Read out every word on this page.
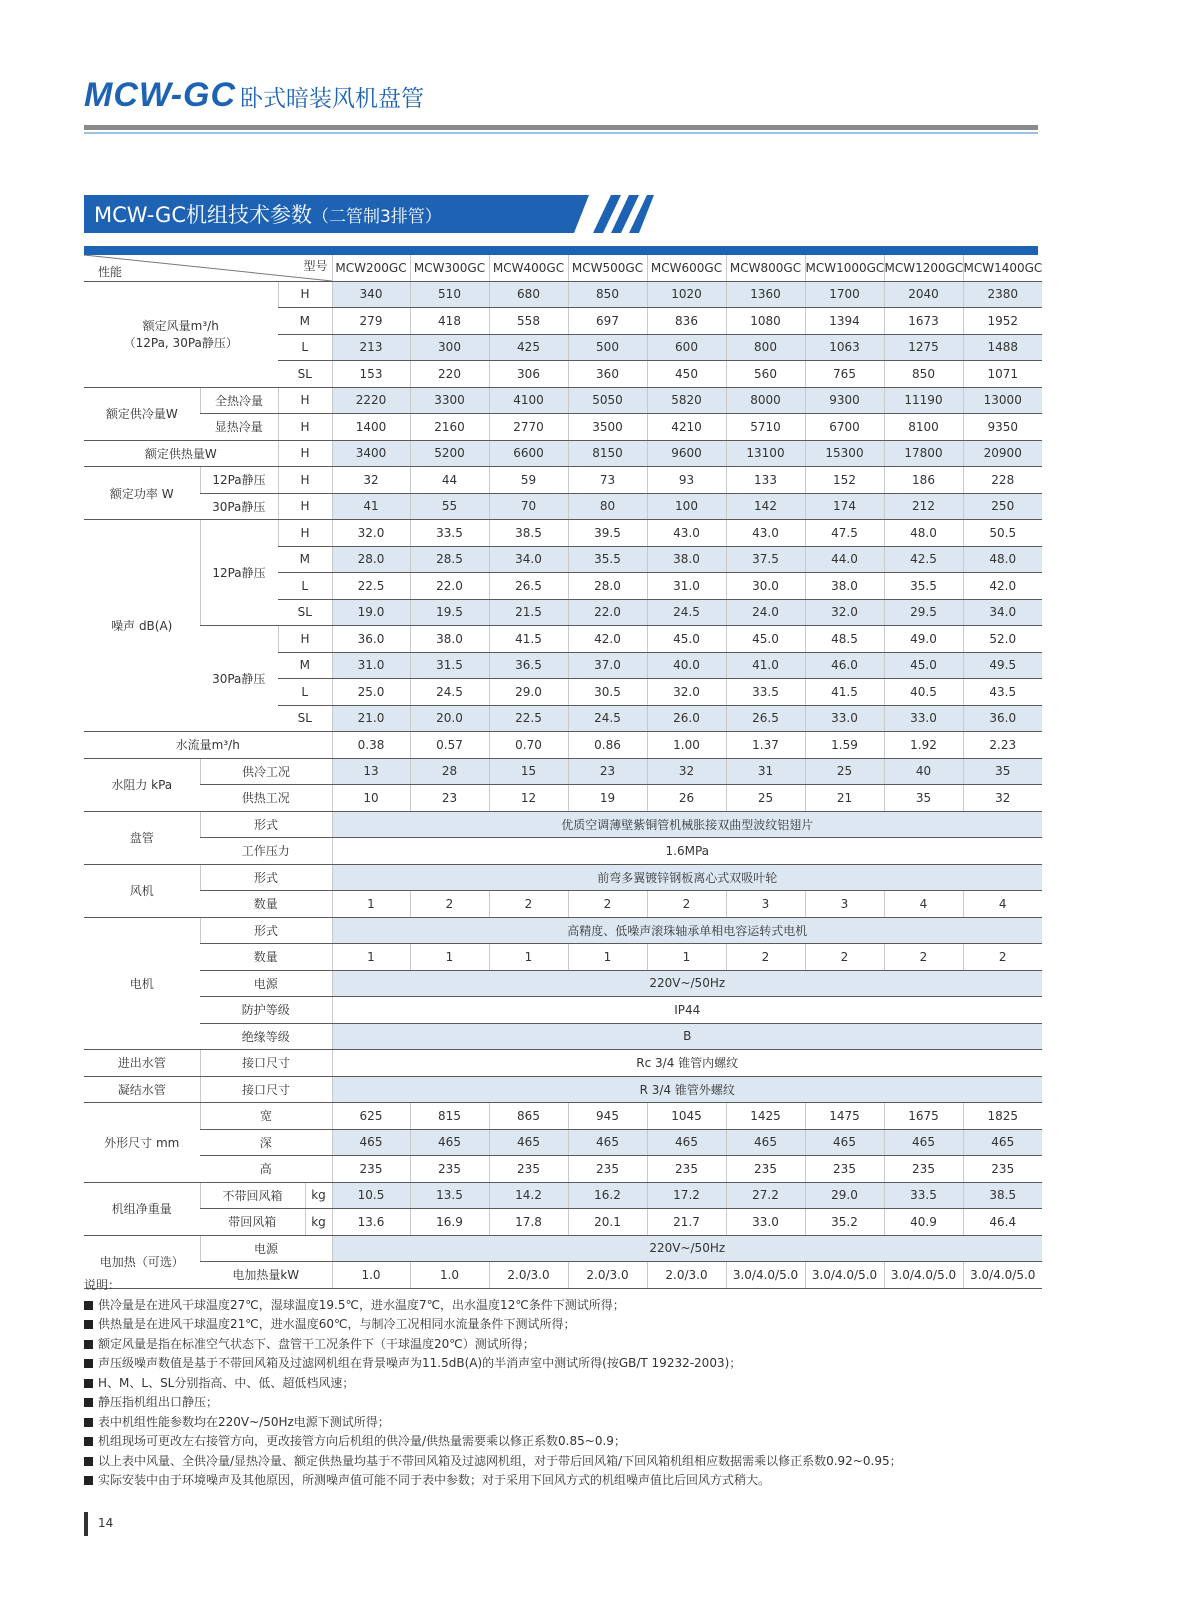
MCW-GC 卧式暗装风机盘管
MCW-GC机组技术参数（二管制3排管）
型号
性能				MCW200GC	MCW300GC	MCW400GC	MCW500GC	MCW600GC	MCW800GC	MCW1000GC	MCW1200GC	MCW1400GC

额定风量m³/h
（12Pa, 30Pa静压）		H		340	510	680	850	1020	1360	1700	2040	2380
		M		279	418	558	697	836	1080	1394	1673	1952
		L		213	300	425	500	600	800	1063	1275	1488
		SL		153	220	306	360	450	560	765	850	1071
额定供冷量W	全热冷量	H		2220	3300	4100	5050	5820	8000	9300	11190	13000
	显热冷量	H		1400	2160	2770	3500	4210	5710	6700	8100	9350
额定供热量W		H		3400	5200	6600	8150	9600	13100	15300	17800	20900
额定功率 W	12Pa静压	H		32	44	59	73	93	133	152	186	228
	30Pa静压	H		41	55	70	80	100	142	174	212	250
噪声 dB(A)	12Pa静压	H		32.0	33.5	38.5	39.5	43.0	43.0	47.5	48.0	50.5
		M		28.0	28.5	34.0	35.5	38.0	37.5	44.0	42.5	48.0
		L		22.5	22.0	26.5	28.0	31.0	30.0	38.0	35.5	42.0
		SL		19.0	19.5	21.5	22.0	24.5	24.0	32.0	29.5	34.0
	30Pa静压	H		36.0	38.0	41.5	42.0	45.0	45.0	48.5	49.0	52.0
		M		31.0	31.5	36.5	37.0	40.0	41.0	46.0	45.0	49.5
		L		25.0	24.5	29.0	30.5	32.0	33.5	41.5	40.5	43.5
		SL		21.0	20.0	22.5	24.5	26.0	26.5	33.0	33.0	36.0
水流量m³/h				0.38	0.57	0.70	0.86	1.00	1.37	1.59	1.92	2.23
水阻力 kPa	供冷工况			13	28	15	23	32	31	25	40	35
	供热工况			10	23	12	19	26	25	21	35	32
盘管	形式			优质空调薄壁紫铜管机械胀接双曲型波纹铝翅片								
	工作压力			1.6MPa								
风机	形式			前弯多翼镀锌钢板离心式双吸叶轮								
	数量			1	2	2	2	2	3	3	4	4
电机	形式			高精度、低噪声滚珠轴承单相电容运转式电机								
	数量			1	1	1	1	1	2	2	2	2
	电源			220V~/50Hz								
	防护等级			IP44								
	绝缘等级			B								
进出水管	接口尺寸			Rc 3/4 锥管内螺纹								
凝结水管	接口尺寸			R 3/4 锥管外螺纹								
外形尺寸 mm	宽			625	815	865	945	1045	1425	1475	1675	1825
	深			465	465	465	465	465	465	465	465	465
	高			235	235	235	235	235	235	235	235	235
机组净重量	不带回风箱		kg	10.5	13.5	14.2	16.2	17.2	27.2	29.0	33.5	38.5
	带回风箱		kg	13.6	16.9	17.8	20.1	21.7	33.0	35.2	40.9	46.4
电加热（可选）	电源			220V~/50Hz								
	电加热量kW			1.0	1.0	2.0/3.0	2.0/3.0	2.0/3.0	3.0/4.0/5.0	3.0/4.0/5.0	3.0/4.0/5.0	3.0/4.0/5.0
说明：
供冷量是在进风干球温度27℃，湿球温度19.5℃，进水温度7℃，出水温度12℃条件下测试所得；
供热量是在进风干球温度21℃，进水温度60℃，与制冷工况相同水流量条件下测试所得；
额定风量是指在标准空气状态下、盘管干工况条件下（干球温度20℃）测试所得；
声压级噪声数值是基于不带回风箱及过滤网机组在背景噪声为11.5dB(A)的半消声室中测试所得(按GB/T 19232-2003)；
H、M、L、SL分别指高、中、低、超低档风速；
静压指机组出口静压；
表中机组性能参数均在220V~/50Hz电源下测试所得；
机组现场可更改左右接管方向，更改接管方向后机组的供冷量/供热量需要乘以修正系数0.85~0.9；
以上表中风量、全供冷量/显热冷量、额定供热量均基于不带回风箱及过滤网机组，对于带后回风箱/下回风箱机组相应数据需乘以修正系数0.92~0.95；
实际安装中由于环境噪声及其他原因，所测噪声值可能不同于表中参数；对于采用下回风方式的机组噪声值比后回风方式稍大。
14
